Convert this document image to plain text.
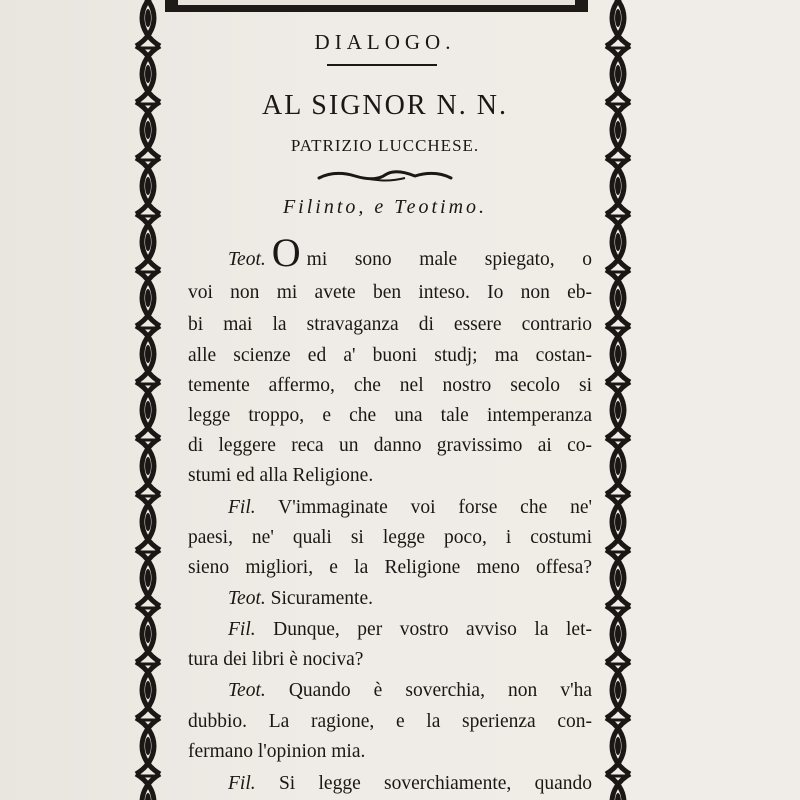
DIALOGO.
AL SIGNOR N. N.
PATRIZIO LUCCHESE.
Filinto, e Teotimo.
Teot. O mi sono male spiegato, o
voi non mi avete ben inteso. Io non eb-
bi mai la stravaganza di essere contrario
alle scienze ed a' buoni studj; ma costan-
temente affermo, che nel nostro secolo si
legge troppo, e che una tale intemperanza
di leggere reca un danno gravissimo ai co-
stumi ed alla Religione.
Fil. V'immaginate voi forse che ne'
paesi, ne' quali si legge poco, i costumi
sieno migliori, e la Religione meno offesa?
Teot. Sicuramente.
Fil. Dunque, per vostro avviso la let-
tura dei libri è nociva?
Teot. Quando è soverchia, non v'ha
dubbio. La ragione, e la sperienza con-
fermano l'opinion mia.
Fil. Si legge soverchiamente, quando
